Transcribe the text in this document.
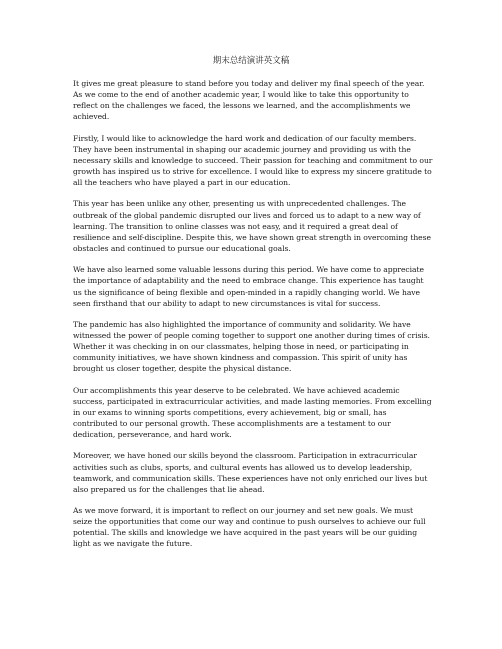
期末总结演讲英文稿

It gives me great pleasure to stand before you today and deliver my final speech of the year. As we come to the end of another academic year, I would like to take this opportunity to reflect on the challenges we faced, the lessons we learned, and the accomplishments we achieved.

Firstly, I would like to acknowledge the hard work and dedication of our faculty members. They have been instrumental in shaping our academic journey and providing us with the necessary skills and knowledge to succeed. Their passion for teaching and commitment to our growth has inspired us to strive for excellence. I would like to express my sincere gratitude to all the teachers who have played a part in our education.

This year has been unlike any other, presenting us with unprecedented challenges. The outbreak of the global pandemic disrupted our lives and forced us to adapt to a new way of learning. The transition to online classes was not easy, and it required a great deal of resilience and self-discipline. Despite this, we have shown great strength in overcoming these obstacles and continued to pursue our educational goals.

We have also learned some valuable lessons during this period. We have come to appreciate the importance of adaptability and the need to embrace change. This experience has taught us the significance of being flexible and open-minded in a rapidly changing world. We have seen firsthand that our ability to adapt to new circumstances is vital for success.

The pandemic has also highlighted the importance of community and solidarity. We have witnessed the power of people coming together to support one another during times of crisis. Whether it was checking in on our classmates, helping those in need, or participating in community initiatives, we have shown kindness and compassion. This spirit of unity has brought us closer together, despite the physical distance.

Our accomplishments this year deserve to be celebrated. We have achieved academic success, participated in extracurricular activities, and made lasting memories. From excelling in our exams to winning sports competitions, every achievement, big or small, has contributed to our personal growth. These accomplishments are a testament to our dedication, perseverance, and hard work.

Moreover, we have honed our skills beyond the classroom. Participation in extracurricular activities such as clubs, sports, and cultural events has allowed us to develop leadership, teamwork, and communication skills. These experiences have not only enriched our lives but also prepared us for the challenges that lie ahead.

As we move forward, it is important to reflect on our journey and set new goals. We must seize the opportunities that come our way and continue to push ourselves to achieve our full potential. The skills and knowledge we have acquired in the past years will be our guiding light as we navigate the future.
